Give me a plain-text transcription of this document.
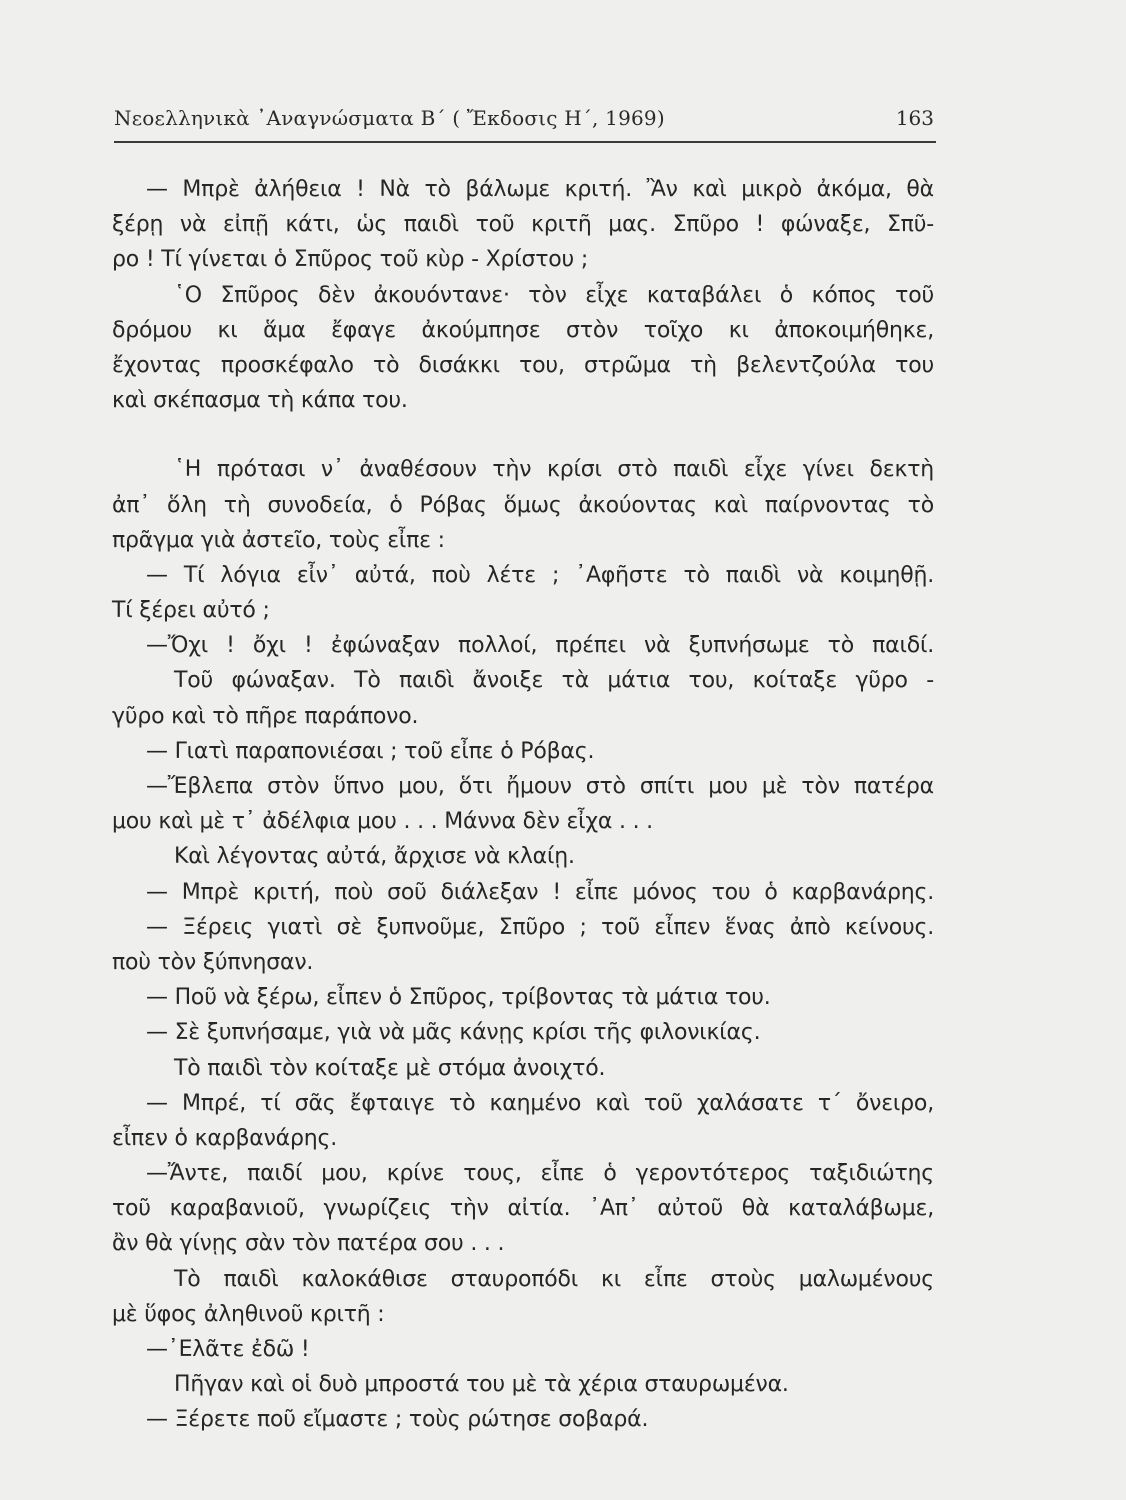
Νεοελληνικὰ ᾿Αναγνώσματα Β΄ ( Ἔκδοσις Η΄, 1969)	163
— Μπρὲ ἀλήθεια ! Νὰ τὸ βάλωμε κριτή. Ἂν καὶ μικρὸ ἀκόμα, θὰ
ξέρῃ νὰ εἰπῇ κάτι, ὡς παιδὶ τοῦ κριτῆ μας. Σπῦρο ! φώναξε, Σπῦ-
ρο ! Τί γίνεται ὁ Σπῦρος τοῦ κὺρ - Χρίστου ;
῾Ο Σπῦρος δὲν ἀκουόντανε· τὸν εἶχε καταβάλει ὁ κόπος τοῦ
δρόμου κι ἅμα ἔφαγε ἀκούμπησε στὸν τοῖχο κι ἀποκοιμήθηκε,
ἔχοντας προσκέφαλο τὸ δισάκκι του, στρῶμα τὴ βελεντζούλα του
καὶ σκέπασμα τὴ κάπα του.
῾Η πρότασι ν᾿ ἀναθέσουν τὴν κρίσι στὸ παιδὶ εἶχε γίνει δεκτὴ
ἀπ᾿ ὅλη τὴ συνοδεία, ὁ Ρόβας ὅμως ἀκούοντας καὶ παίρνοντας τὸ
πρᾶγμα γιὰ ἀστεῖο, τοὺς εἶπε :
— Τί λόγια εἶν᾿ αὐτά, ποὺ λέτε ; ᾿Αφῆστε τὸ παιδὶ νὰ κοιμηθῇ.
Τί ξέρει αὐτό ;
—Ὄχι ! ὄχι ! ἐφώναξαν πολλοί, πρέπει νὰ ξυπνήσωμε τὸ παιδί.
Τοῦ φώναξαν. Τὸ παιδὶ ἄνοιξε τὰ μάτια του, κοίταξε γῦρο -
γῦρο καὶ τὸ πῆρε παράπονο.
— Γιατὶ παραπονιέσαι ; τοῦ εἶπε ὁ Ρόβας.
—Ἔβλεπα στὸν ὕπνο μου, ὅτι ἤμουν στὸ σπίτι μου μὲ τὸν πατέρα
μου καὶ μὲ τ᾿ ἀδέλφια μου . . . Μάννα δὲν εἶχα . . .
Καὶ λέγοντας αὐτά, ἄρχισε νὰ κλαίῃ.
— Μπρὲ κριτή, ποὺ σοῦ διάλεξαν ! εἶπε μόνος του ὁ καρβανάρης.
— Ξέρεις γιατὶ σὲ ξυπνοῦμε, Σπῦρο ; τοῦ εἶπεν ἕνας ἀπὸ κείνους.
ποὺ τὸν ξύπνησαν.
— Ποῦ νὰ ξέρω, εἶπεν ὁ Σπῦρος, τρίβοντας τὰ μάτια του.
— Σὲ ξυπνήσαμε, γιὰ νὰ μᾶς κάνῃς κρίσι τῆς φιλονικίας.
Τὸ παιδὶ τὸν κοίταξε μὲ στόμα ἀνοιχτό.
— Μπρέ, τί σᾶς ἔφταιγε τὸ καημένο καὶ τοῦ χαλάσατε τ΄ ὄνειρο,
εἶπεν ὁ καρβανάρης.
—Ἄντε, παιδί μου, κρίνε τους, εἶπε ὁ γεροντότερος ταξιδιώτης
τοῦ καραβανιοῦ, γνωρίζεις τὴν αἰτία. ᾿Απ᾿ αὐτοῦ θὰ καταλάβωμε,
ἂν θὰ γίνῃς σὰν τὸν πατέρα σου . . .
Τὸ παιδὶ καλοκάθισε σταυροπόδι κι εἶπε στοὺς μαλωμένους
μὲ ὕφος ἀληθινοῦ κριτῆ :
—᾿Ελᾶτε ἐδῶ !
Πῆγαν καὶ οἱ δυὸ μπροστά του μὲ τὰ χέρια σταυρωμένα.
— Ξέρετε ποῦ εἴμαστε ; τοὺς ρώτησε σοβαρά.
